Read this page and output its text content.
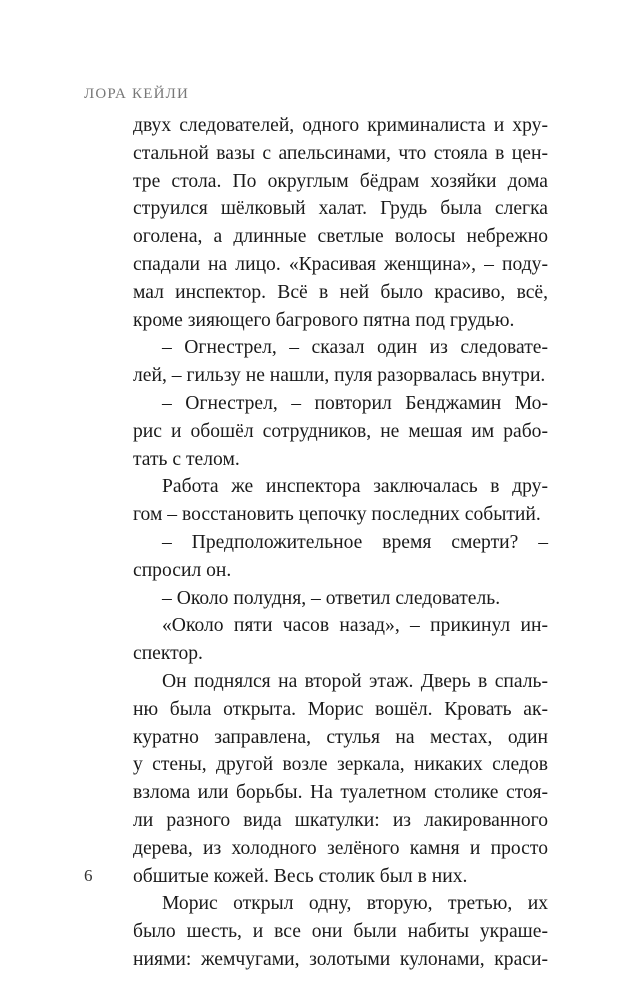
ЛОРА КЕЙЛИ
двух следователей, одного криминалиста и хру-
стальной вазы с апельсинами, что стояла в цен-
тре стола. По округлым бёдрам хозяйки дома
струился шёлковый халат. Грудь была слегка
оголена, а длинные светлые волосы небрежно
спадали на лицо. «Красивая женщина», – поду-
мал инспектор. Всё в ней было красиво, всё,
кроме зияющего багрового пятна под грудью.
– Огнестрел, – сказал один из следовате-
лей, – гильзу не нашли, пуля разорвалась внутри.
– Огнестрел, – повторил Бенджамин Мо-
рис и обошёл сотрудников, не мешая им рабо-
тать с телом.
Работа же инспектора заключалась в дру-
гом – восстановить цепочку последних событий.
– Предположительное время смерти? –
спросил он.
– Около полудня, – ответил следователь.
«Около пяти часов назад», – прикинул ин-
спектор.
Он поднялся на второй этаж. Дверь в спаль-
ню была открыта. Морис вошёл. Кровать ак-
куратно заправлена, стулья на местах, один
у стены, другой возле зеркала, никаких следов
взлома или борьбы. На туалетном столике стоя-
ли разного вида шкатулки: из лакированного
дерева, из холодного зелёного камня и просто
обшитые кожей. Весь столик был в них.
Морис открыл одну, вторую, третью, их
было шесть, и все они были набиты украше-
ниями: жемчугами, золотыми кулонами, краси-
6
